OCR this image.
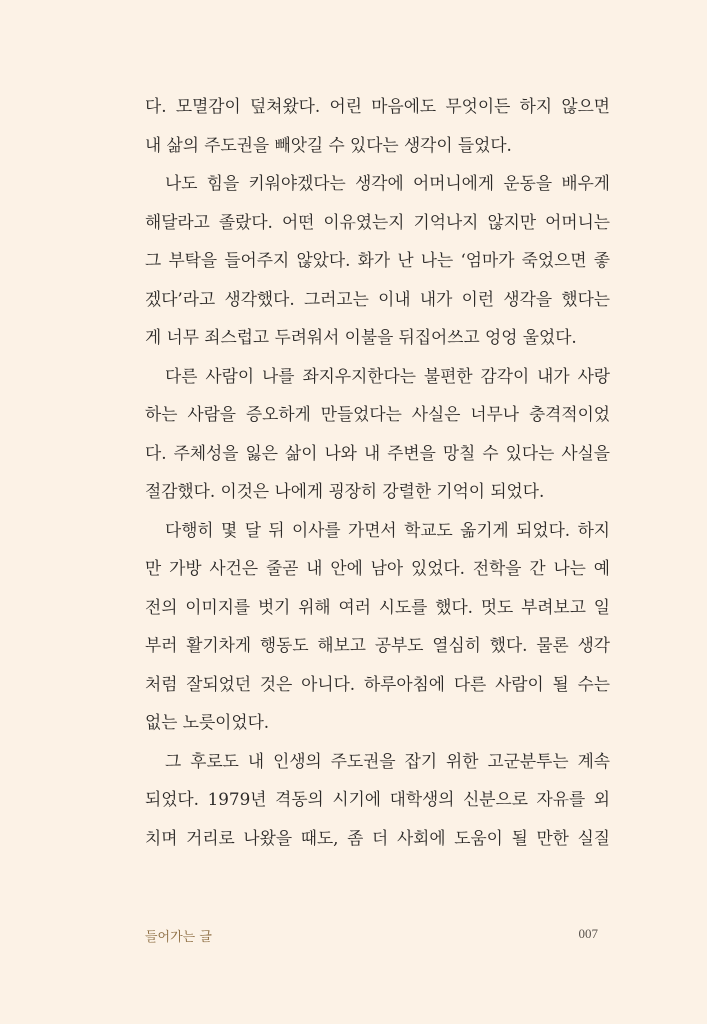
다. 모멸감이 덮쳐왔다. 어린 마음에도 무엇이든 하지 않으면
내 삶의 주도권을 빼앗길 수 있다는 생각이 들었다.
나도 힘을 키워야겠다는 생각에 어머니에게 운동을 배우게
해달라고 졸랐다. 어떤 이유였는지 기억나지 않지만 어머니는
그 부탁을 들어주지 않았다. 화가 난 나는 ‘엄마가 죽었으면 좋
겠다’라고 생각했다. 그러고는 이내 내가 이런 생각을 했다는
게 너무 죄스럽고 두려워서 이불을 뒤집어쓰고 엉엉 울었다.
다른 사람이 나를 좌지우지한다는 불편한 감각이 내가 사랑
하는 사람을 증오하게 만들었다는 사실은 너무나 충격적이었
다. 주체성을 잃은 삶이 나와 내 주변을 망칠 수 있다는 사실을
절감했다. 이것은 나에게 굉장히 강렬한 기억이 되었다.
다행히 몇 달 뒤 이사를 가면서 학교도 옮기게 되었다. 하지
만 가방 사건은 줄곧 내 안에 남아 있었다. 전학을 간 나는 예
전의 이미지를 벗기 위해 여러 시도를 했다. 멋도 부려보고 일
부러 활기차게 행동도 해보고 공부도 열심히 했다. 물론 생각
처럼 잘되었던 것은 아니다. 하루아침에 다른 사람이 될 수는
없는 노릇이었다.
그 후로도 내 인생의 주도권을 잡기 위한 고군분투는 계속
되었다. 1979년 격동의 시기에 대학생의 신분으로 자유를 외
치며 거리로 나왔을 때도, 좀 더 사회에 도움이 될 만한 실질
들어가는 글	007
